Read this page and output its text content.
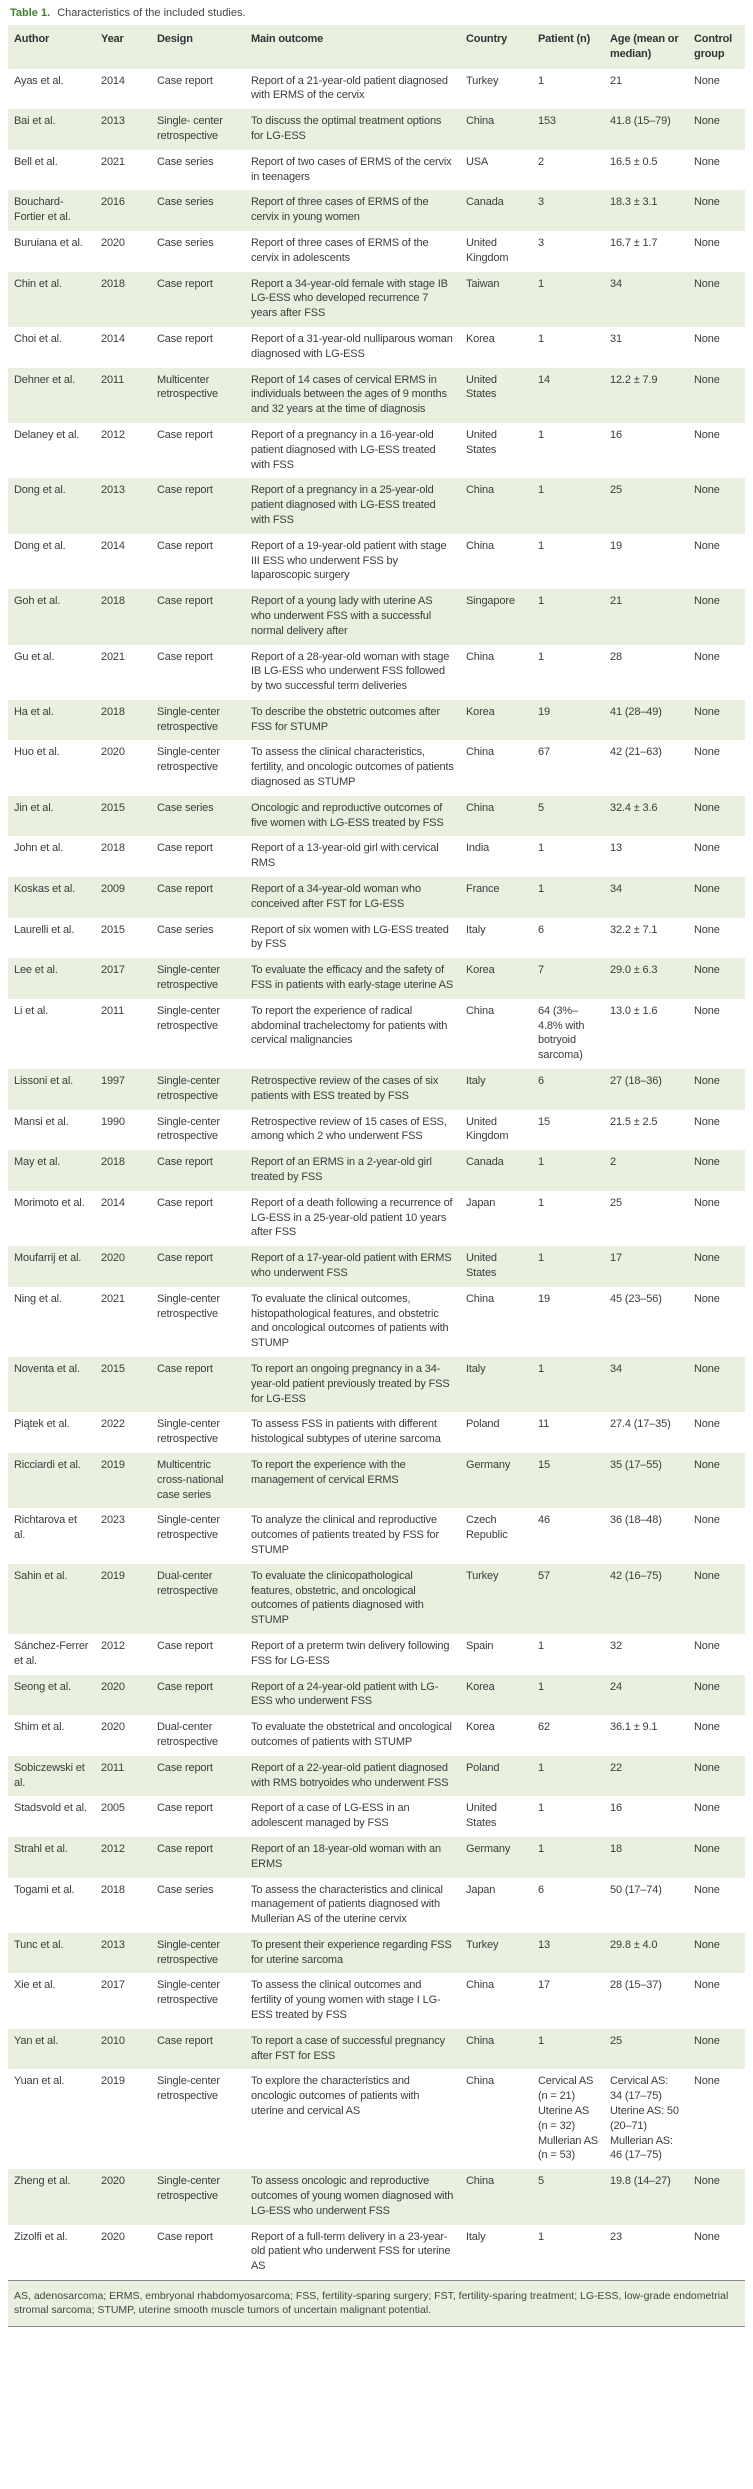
Table 1. Characteristics of the included studies.
Author	Year	Design	Main outcome	Country	Patient (n)	Age (mean or median)	Control group
Ayas et al.	2014	Case report	Report of a 21-year-old patient diagnosed with ERMS of the cervix	Turkey	1	21	None
Bai et al.	2013	Single- center retrospective	To discuss the optimal treatment options for LG-ESS	China	153	41.8 (15–79)	None
Bell et al.	2021	Case series	Report of two cases of ERMS of the cervix in teenagers	USA	2	16.5 ± 0.5	None
Bouchard-Fortier et al.	2016	Case series	Report of three cases of ERMS of the cervix in young women	Canada	3	18.3 ± 3.1	None
Buruiana et al.	2020	Case series	Report of three cases of ERMS of the cervix in adolescents	United Kingdom	3	16.7 ± 1.7	None
Chin et al.	2018	Case report	Report a 34-year-old female with stage IB LG-ESS who developed recurrence 7 years after FSS	Taiwan	1	34	None
Choi et al.	2014	Case report	Report of a 31-year-old nulliparous woman diagnosed with LG-ESS	Korea	1	31	None
Dehner et al.	2011	Multicenter retrospective	Report of 14 cases of cervical ERMS in individuals between the ages of 9 months and 32 years at the time of diagnosis	United States	14	12.2 ± 7.9	None
Delaney et al.	2012	Case report	Report of a pregnancy in a 16-year-old patient diagnosed with LG-ESS treated with FSS	United States	1	16	None
Dong et al.	2013	Case report	Report of a pregnancy in a 25-year-old patient diagnosed with LG-ESS treated with FSS	China	1	25	None
Dong et al.	2014	Case report	Report of a 19-year-old patient with stage III ESS who underwent FSS by laparoscopic surgery	China	1	19	None
Goh et al.	2018	Case report	Report of a young lady with uterine AS who underwent FSS with a successful normal delivery after	Singapore	1	21	None
Gu et al.	2021	Case report	Report of a 28-year-old woman with stage IB LG-ESS who underwent FSS followed by two successful term deliveries	China	1	28	None
Ha et al.	2018	Single-center retrospective	To describe the obstetric outcomes after FSS for STUMP	Korea	19	41 (28–49)	None
Huo et al.	2020	Single-center retrospective	To assess the clinical characteristics, fertility, and oncologic outcomes of patients diagnosed as STUMP	China	67	42 (21–63)	None
Jin et al.	2015	Case series	Oncologic and reproductive outcomes of five women with LG-ESS treated by FSS	China	5	32.4 ± 3.6	None
John et al.	2018	Case report	Report of a 13-year-old girl with cervical RMS	India	1	13	None
Koskas et al.	2009	Case report	Report of a 34-year-old woman who conceived after FST for LG-ESS	France	1	34	None
Laurelli et al.	2015	Case series	Report of six women with LG-ESS treated by FSS	Italy	6	32.2 ± 7.1	None
Lee et al.	2017	Single-center retrospective	To evaluate the efficacy and the safety of FSS in patients with early-stage uterine AS	Korea	7	29.0 ± 6.3	None
Li et al.	2011	Single-center retrospective	To report the experience of radical abdominal trachelectomy for patients with cervical malignancies	China	64 (3%–4.8% with botryoid sarcoma)	13.0 ± 1.6	None
Lissoni et al.	1997	Single-center retrospective	Retrospective review of the cases of six patients with ESS treated by FSS	Italy	6	27 (18–36)	None
Mansi et al.	1990	Single-center retrospective	Retrospective review of 15 cases of ESS, among which 2 who underwent FSS	United Kingdom	15	21.5 ± 2.5	None
May et al.	2018	Case report	Report of an ERMS in a 2-year-old girl treated by FSS	Canada	1	2	None
Morimoto et al.	2014	Case report	Report of a death following a recurrence of LG-ESS in a 25-year-old patient 10 years after FSS	Japan	1	25	None
Moufarrij et al.	2020	Case report	Report of a 17-year-old patient with ERMS who underwent FSS	United States	1	17	None
Ning et al.	2021	Single-center retrospective	To evaluate the clinical outcomes, histopathological features, and obstetric and oncological outcomes of patients with STUMP	China	19	45 (23–56)	None
Noventa et al.	2015	Case report	To report an ongoing pregnancy in a 34-year-old patient previously treated by FSS for LG-ESS	Italy	1	34	None
Piątek et al.	2022	Single-center retrospective	To assess FSS in patients with different histological subtypes of uterine sarcoma	Poland	11	27.4 (17–35)	None
Ricciardi et al.	2019	Multicentric cross-national case series	To report the experience with the management of cervical ERMS	Germany	15	35 (17–55)	None
Richtarova et al.	2023	Single-center retrospective	To analyze the clinical and reproductive outcomes of patients treated by FSS for STUMP	Czech Republic	46	36 (18–48)	None
Sahin et al.	2019	Dual-center retrospective	To evaluate the clinicopathological features, obstetric, and oncological outcomes of patients diagnosed with STUMP	Turkey	57	42 (16–75)	None
Sánchez-Ferrer et al.	2012	Case report	Report of a preterm twin delivery following FSS for LG-ESS	Spain	1	32	None
Seong et al.	2020	Case report	Report of a 24-year-old patient with LG-ESS who underwent FSS	Korea	1	24	None
Shim et al.	2020	Dual-center retrospective	To evaluate the obstetrical and oncological outcomes of patients with STUMP	Korea	62	36.1 ± 9.1	None
Sobiczewski et al.	2011	Case report	Report of a 22-year-old patient diagnosed with RMS botryoides who underwent FSS	Poland	1	22	None
Stadsvold et al.	2005	Case report	Report of a case of LG-ESS in an adolescent managed by FSS	United States	1	16	None
Strahl et al.	2012	Case report	Report of an 18-year-old woman with an ERMS	Germany	1	18	None
Togami et al.	2018	Case series	To assess the characteristics and clinical management of patients diagnosed with Mullerian AS of the uterine cervix	Japan	6	50 (17–74)	None
Tunc et al.	2013	Single-center retrospective	To present their experience regarding FSS for uterine sarcoma	Turkey	13	29.8 ± 4.0	None
Xie et al.	2017	Single-center retrospective	To assess the clinical outcomes and fertility of young women with stage I LG-ESS treated by FSS	China	17	28 (15–37)	None
Yan et al.	2010	Case report	To report a case of successful pregnancy after FST for ESS	China	1	25	None
Yuan et al.	2019	Single-center retrospective	To explore the characteristics and oncologic outcomes of patients with uterine and cervical AS	China	Cervical AS (n = 21) Uterine AS (n = 32) Mullerian AS (n = 53)	Cervical AS: 34 (17–75) Uterine AS: 50 (20–71) Mullerian AS: 46 (17–75)	None
Zheng et al.	2020	Single-center retrospective	To assess oncologic and reproductive outcomes of young women diagnosed with LG-ESS who underwent FSS	China	5	19.8 (14–27)	None
Zizolfi et al.	2020	Case report	Report of a full-term delivery in a 23-year-old patient who underwent FSS for uterine AS	Italy	1	23	None
AS, adenosarcoma; ERMS, embryonal rhabdomyosarcoma; FSS, fertility-sparing surgery; FST, fertility-sparing treatment; LG-ESS, low-grade endometrial stromal sarcoma; STUMP, uterine smooth muscle tumors of uncertain malignant potential.
